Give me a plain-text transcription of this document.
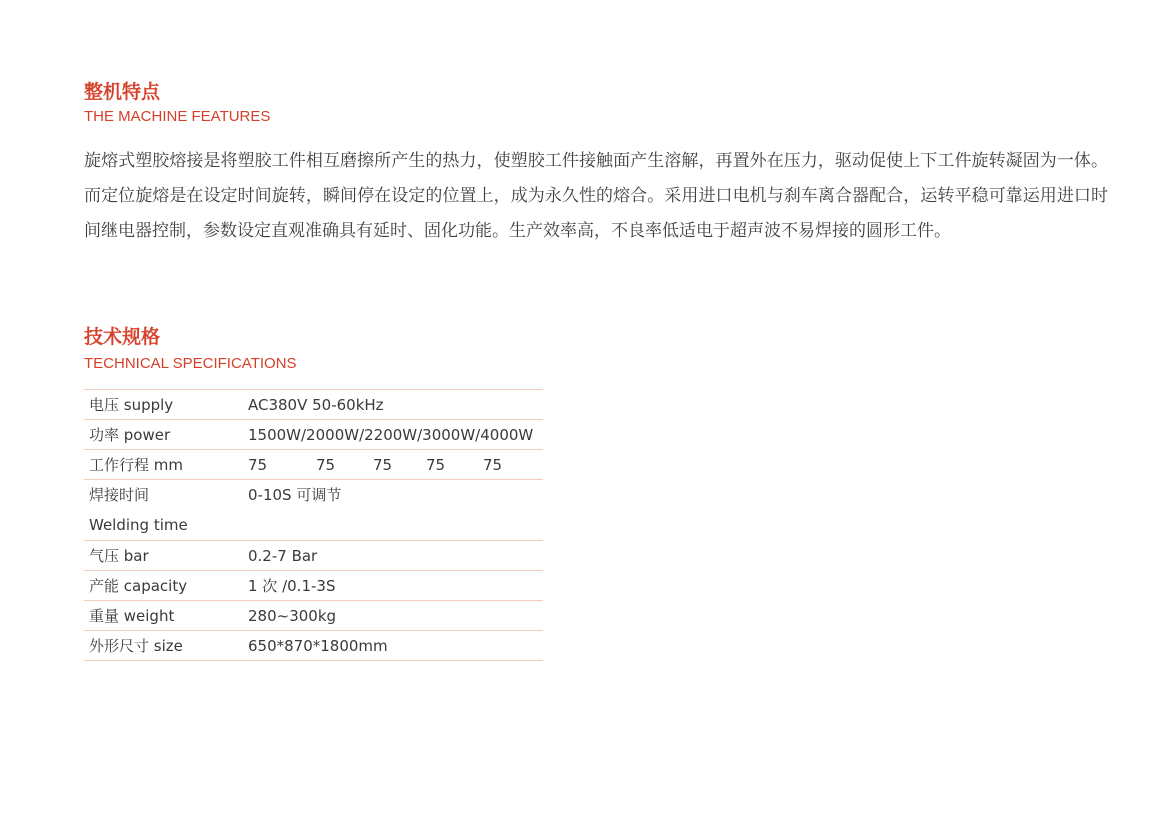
整机特点
THE MACHINE FEATURES

旋熔式塑胶熔接是将塑胶工件相互磨擦所产生的热力，使塑胶工件接触面产生溶解，再置外在压力，驱动促使上下工件旋转凝固为一体。而定位旋熔是在设定时间旋转，瞬间停在设定的位置上，成为永久性的熔合。采用进口电机与刹车离合器配合，运转平稳可靠运用进口时间继电器控制，参数设定直观准确具有延时、固化功能。生产效率高，不良率低适电于超声波不易焊接的圆形工件。

技术规格
TECHNICAL SPECIFICATIONS
电压 supply	AC380V 50-60kHz
功率 power	1500W/2000W/2200W/3000W/4000W
工作行程 mm	75 75 75 75 75

焊接时间
Welding time	0-10S 可调节

气压 bar	0.2-7 Bar
产能 capacity	1 次 /0.1-3S
重量 weight	280~300kg
外形尺寸 size	650*870*1800mm
